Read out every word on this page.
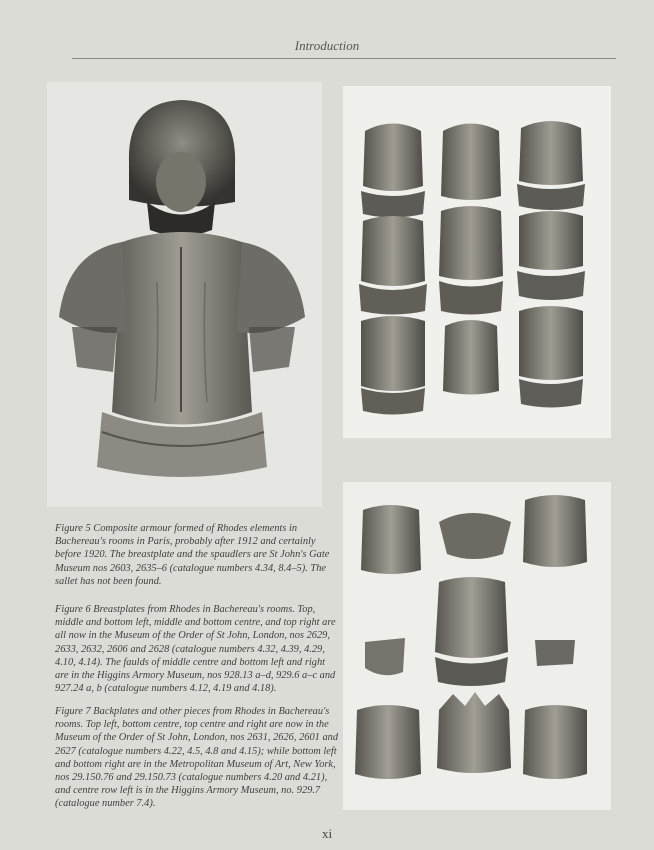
Introduction
Figure 5 Composite armour formed of Rhodes elements in Bachereau's rooms in Paris, probably after 1912 and certainly before 1920. The breastplate and the spaudlers are St John's Gate Museum nos 2603, 2635–6 (catalogue numbers 4.34, 8.4–5). The sallet has not been found.
Figure 6 Breastplates from Rhodes in Bachereau's rooms. Top, middle and bottom left, middle and bottom centre, and top right are all now in the Museum of the Order of St John, London, nos 2629, 2633, 2632, 2606 and 2628 (catalogue numbers 4.32, 4.39, 4.29, 4.10, 4.14). The faulds of middle centre and bottom left and right are in the Higgins Armory Museum, nos 928.13 a–d, 929.6 a–c and 927.24 a, b (catalogue numbers 4.12, 4.19 and 4.18).
Figure 7 Backplates and other pieces from Rhodes in Bachereau's rooms. Top left, bottom centre, top centre and right are now in the Museum of the Order of St John, London, nos 2631, 2626, 2601 and 2627 (catalogue numbers 4.22, 4.5, 4.8 and 4.15); while bottom left and bottom right are in the Metropolitan Museum of Art, New York, nos 29.150.76 and 29.150.73 (catalogue numbers 4.20 and 4.21), and centre row left is in the Higgins Armory Museum, no. 929.7 (catalogue number 7.4).
xi
